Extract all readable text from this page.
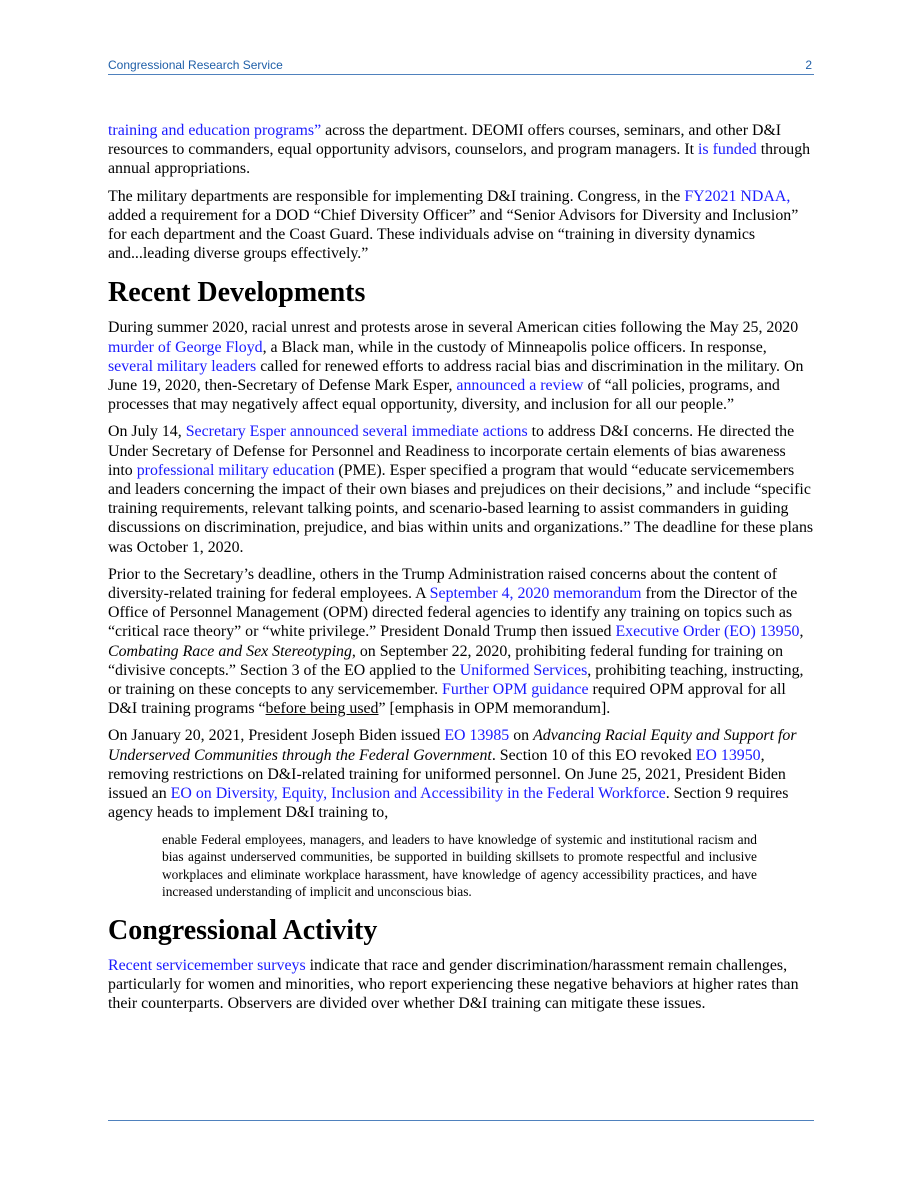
Congressional Research Service	2

training and education programs” across the department. DEOMI offers courses, seminars, and other D&I resources to commanders, equal opportunity advisors, counselors, and program managers. It is funded through annual appropriations.

The military departments are responsible for implementing D&I training. Congress, in the FY2021 NDAA, added a requirement for a DOD “Chief Diversity Officer” and “Senior Advisors for Diversity and Inclusion” for each department and the Coast Guard. These individuals advise on “training in diversity dynamics and...leading diverse groups effectively.”

Recent Developments

During summer 2020, racial unrest and protests arose in several American cities following the May 25, 2020 murder of George Floyd, a Black man, while in the custody of Minneapolis police officers. In response, several military leaders called for renewed efforts to address racial bias and discrimination in the military. On June 19, 2020, then-Secretary of Defense Mark Esper, announced a review of “all policies, programs, and processes that may negatively affect equal opportunity, diversity, and inclusion for all our people.”

On July 14, Secretary Esper announced several immediate actions to address D&I concerns. He directed the Under Secretary of Defense for Personnel and Readiness to incorporate certain elements of bias awareness into professional military education (PME). Esper specified a program that would “educate servicemembers and leaders concerning the impact of their own biases and prejudices on their decisions,” and include “specific training requirements, relevant talking points, and scenario-based learning to assist commanders in guiding discussions on discrimination, prejudice, and bias within units and organizations.” The deadline for these plans was October 1, 2020.

Prior to the Secretary’s deadline, others in the Trump Administration raised concerns about the content of diversity-related training for federal employees. A September 4, 2020 memorandum from the Director of the Office of Personnel Management (OPM) directed federal agencies to identify any training on topics such as “critical race theory” or “white privilege.” President Donald Trump then issued Executive Order (EO) 13950, Combating Race and Sex Stereotyping, on September 22, 2020, prohibiting federal funding for training on “divisive concepts.” Section 3 of the EO applied to the Uniformed Services, prohibiting teaching, instructing, or training on these concepts to any servicemember. Further OPM guidance required OPM approval for all D&I training programs “before being used” [emphasis in OPM memorandum].

On January 20, 2021, President Joseph Biden issued EO 13985 on Advancing Racial Equity and Support for Underserved Communities through the Federal Government. Section 10 of this EO revoked EO 13950, removing restrictions on D&I-related training for uniformed personnel. On June 25, 2021, President Biden issued an EO on Diversity, Equity, Inclusion and Accessibility in the Federal Workforce. Section 9 requires agency heads to implement D&I training to,

enable Federal employees, managers, and leaders to have knowledge of systemic and institutional racism and bias against underserved communities, be supported in building skillsets to promote respectful and inclusive workplaces and eliminate workplace harassment, have knowledge of agency accessibility practices, and have increased understanding of implicit and unconscious bias.
Congressional Activity

Recent servicemember surveys indicate that race and gender discrimination/harassment remain challenges, particularly for women and minorities, who report experiencing these negative behaviors at higher rates than their counterparts. Observers are divided over whether D&I training can mitigate these issues.
